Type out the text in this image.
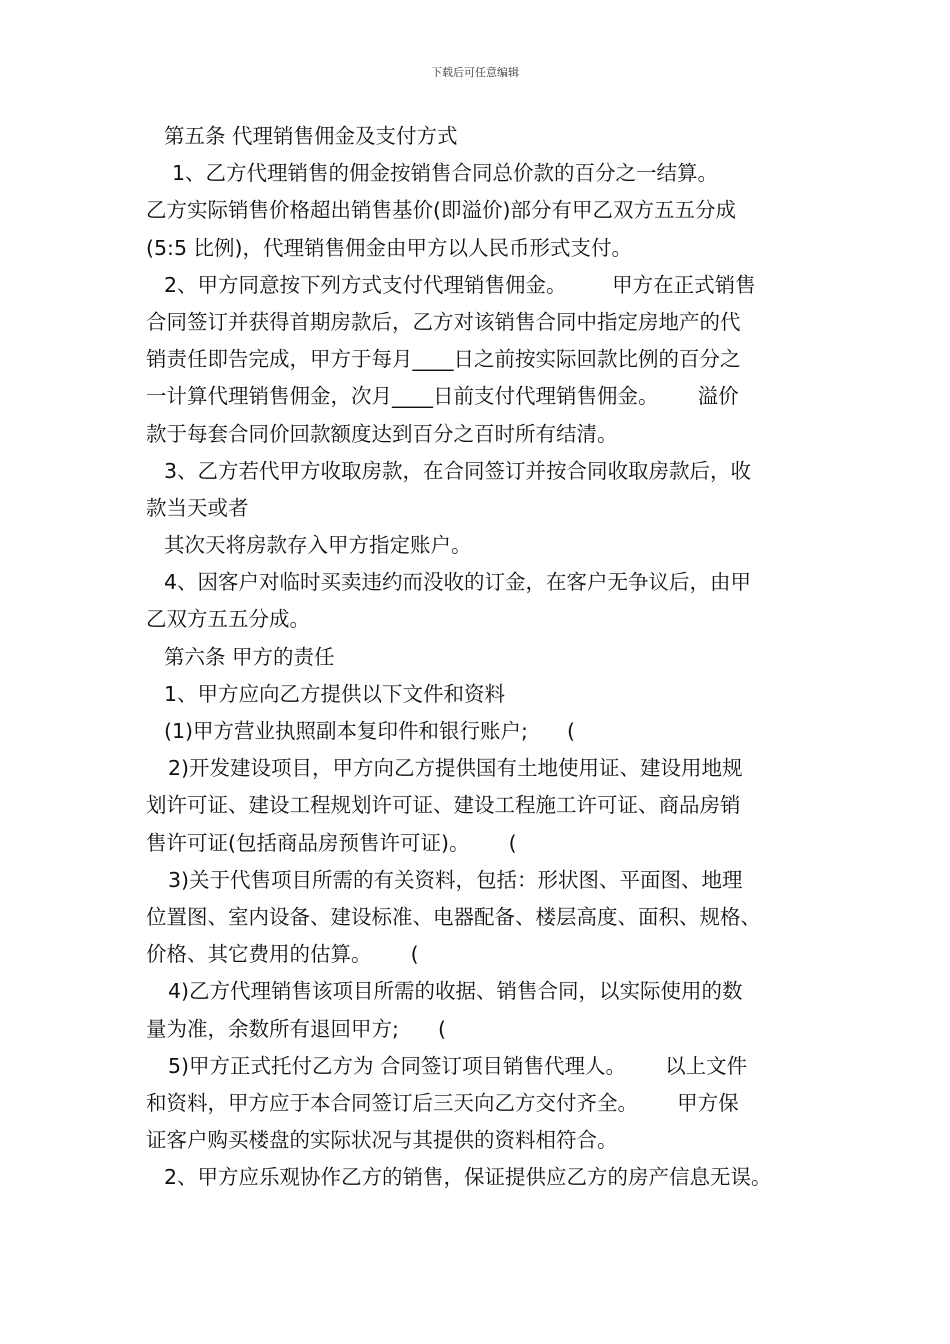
下载后可任意编辑
第五条 代理销售佣金及支付方式
1、乙方代理销售的佣金按销售合同总价款的百分之一结算。
乙方实际销售价格超出销售基价(即溢价)部分有甲乙双方五五分成
(5:5 比例)，代理销售佣金由甲方以人民币形式支付。
2、甲方同意按下列方式支付代理销售佣金。       甲方在正式销售
合同签订并获得首期房款后，乙方对该销售合同中指定房地产的代
销责任即告完成，甲方于每月____日之前按实际回款比例的百分之
一计算代理销售佣金，次月____日前支付代理销售佣金。      溢价
款于每套合同价回款额度达到百分之百时所有结清。
3、乙方若代甲方收取房款，在合同签订并按合同收取房款后，收
款当天或者
其次天将房款存入甲方指定账户。
4、因客户对临时买卖违约而没收的订金，在客户无争议后，由甲
乙双方五五分成。
第六条 甲方的责任
1、甲方应向乙方提供以下文件和资料
(1)甲方营业执照副本复印件和银行账户;      (
2)开发建设项目，甲方向乙方提供国有土地使用证、建设用地规
划许可证、建设工程规划许可证、建设工程施工许可证、商品房销
售许可证(包括商品房预售许可证)。      (
3)关于代售项目所需的有关资料，包括：形状图、平面图、地理
位置图、室内设备、建设标准、电器配备、楼层高度、面积、规格、
价格、其它费用的估算。      (
4)乙方代理销售该项目所需的收据、销售合同，以实际使用的数
量为准，余数所有退回甲方;      (
5)甲方正式托付乙方为 合同签订项目销售代理人。      以上文件
和资料，甲方应于本合同签订后三天向乙方交付齐全。      甲方保
证客户购买楼盘的实际状况与其提供的资料相符合。
2、甲方应乐观协作乙方的销售，保证提供应乙方的房产信息无误。
